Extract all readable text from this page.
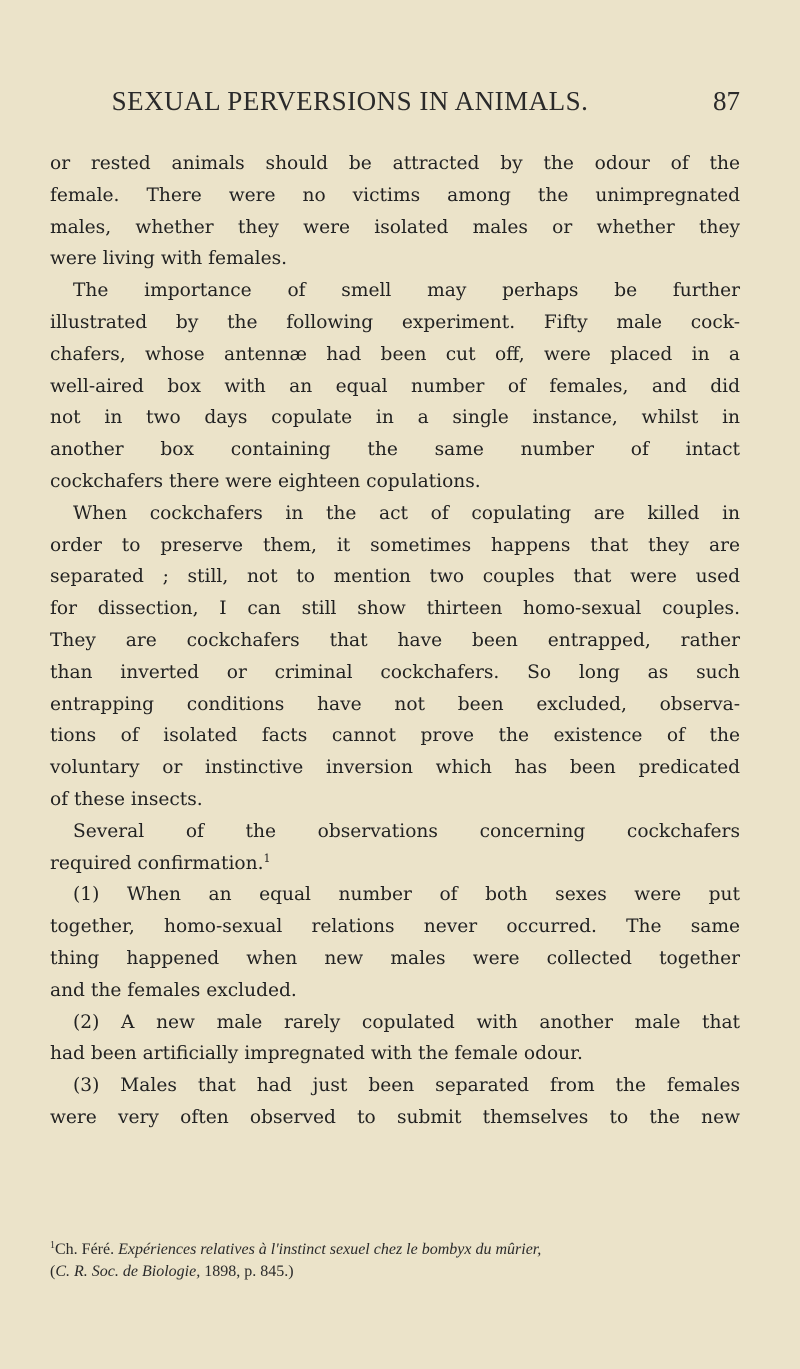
SEXUAL PERVERSIONS IN ANIMALS.	87
or rested animals should be attracted by the odour of the
female. There were no victims among the unimpregnated
males, whether they were isolated males or whether they
were living with females.
The importance of smell may perhaps be further
illustrated by the following experiment. Fifty male cock-
chafers, whose antennæ had been cut off, were placed in a
well-aired box with an equal number of females, and did
not in two days copulate in a single instance, whilst in
another box containing the same number of intact
cockchafers there were eighteen copulations.
When cockchafers in the act of copulating are killed in
order to preserve them, it sometimes happens that they are
separated ; still, not to mention two couples that were used
for dissection, I can still show thirteen homo-sexual couples.
They are cockchafers that have been entrapped, rather
than inverted or criminal cockchafers. So long as such
entrapping conditions have not been excluded, observa-
tions of isolated facts cannot prove the existence of the
voluntary or instinctive inversion which has been predicated
of these insects.
Several of the observations concerning cockchafers
required confirmation.$^1$
(1) When an equal number of both sexes were put
together, homo-sexual relations never occurred. The same
thing happened when new males were collected together
and the females excluded.
(2) A new male rarely copulated with another male that
had been artificially impregnated with the female odour.
(3) Males that had just been separated from the females
were very often observed to submit themselves to the new
$^1$Ch. Féré. Expériences relatives à l'instinct sexuel chez le bombyx du mûrier,
(C. R. Soc. de Biologie, 1898, p. 845.)
